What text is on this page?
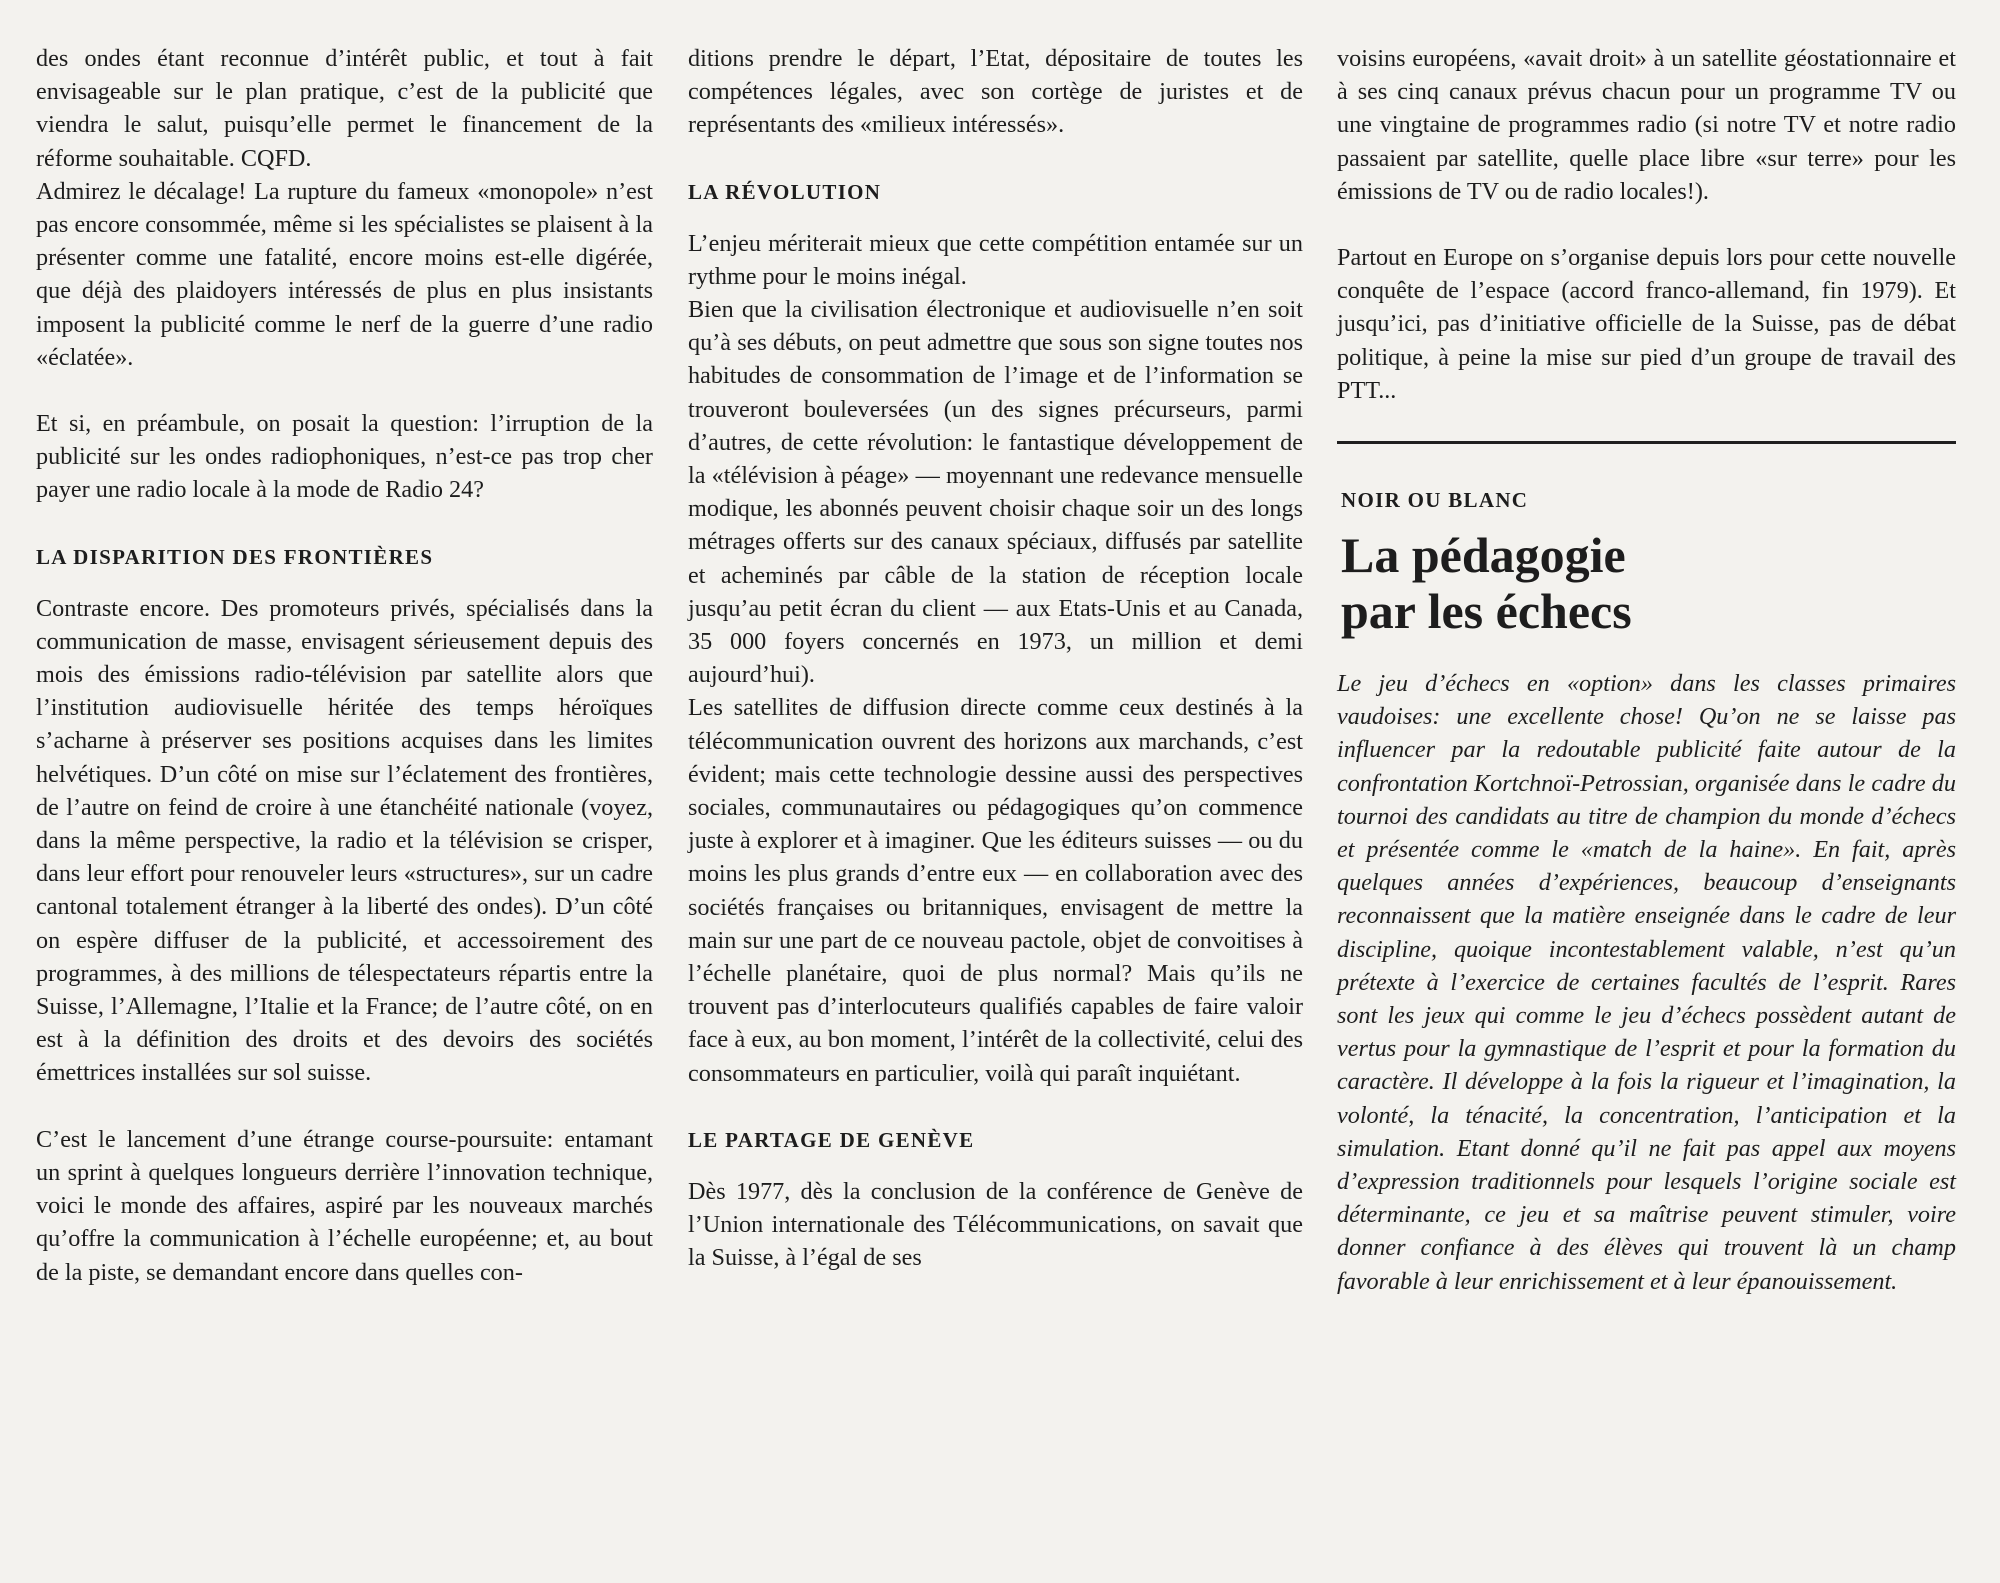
des ondes étant reconnue d’intérêt public, et tout à fait envisageable sur le plan pratique, c’est de la publicité que viendra le salut, puisqu’elle permet le financement de la réforme souhaitable. CQFD.

Admirez le décalage! La rupture du fameux «monopole» n’est pas encore consommée, même si les spécialistes se plaisent à la présenter comme une fatalité, encore moins est-elle digérée, que déjà des plaidoyers intéressés de plus en plus insistants imposent la publicité comme le nerf de la guerre d’une radio «éclatée».

Et si, en préambule, on posait la question: l’irruption de la publicité sur les ondes radiophoniques, n’est-ce pas trop cher payer une radio locale à la mode de Radio 24?

LA DISPARITION DES FRONTIÈRES

Contraste encore. Des promoteurs privés, spécialisés dans la communication de masse, envisagent sérieusement depuis des mois des émissions radio-télévision par satellite alors que l’institution audiovisuelle héritée des temps héroïques s’acharne à préserver ses positions acquises dans les limites helvétiques. D’un côté on mise sur l’éclatement des frontières, de l’autre on feind de croire à une étanchéité nationale (voyez, dans la même perspective, la radio et la télévision se crisper, dans leur effort pour renouveler leurs «structures», sur un cadre cantonal totalement étranger à la liberté des ondes). D’un côté on espère diffuser de la publicité, et accessoirement des programmes, à des millions de télespectateurs répartis entre la Suisse, l’Allemagne, l’Italie et la France; de l’autre côté, on en est à la définition des droits et des devoirs des sociétés émettrices installées sur sol suisse.

C’est le lancement d’une étrange course-poursuite: entamant un sprint à quelques longueurs derrière l’innovation technique, voici le monde des affaires, aspiré par les nouveaux marchés qu’offre la communication à l’échelle européenne; et, au bout de la piste, se demandant encore dans quelles con-

ditions prendre le départ, l’Etat, dépositaire de toutes les compétences légales, avec son cortège de juristes et de représentants des «milieux intéressés».

LA RÉVOLUTION

L’enjeu mériterait mieux que cette compétition entamée sur un rythme pour le moins inégal.

Bien que la civilisation électronique et audiovisuelle n’en soit qu’à ses débuts, on peut admettre que sous son signe toutes nos habitudes de consommation de l’image et de l’information se trouveront bouleversées (un des signes précurseurs, parmi d’autres, de cette révolution: le fantastique développement de la «télévision à péage» — moyennant une redevance mensuelle modique, les abonnés peuvent choisir chaque soir un des longs métrages offerts sur des canaux spéciaux, diffusés par satellite et acheminés par câble de la station de réception locale jusqu’au petit écran du client — aux Etats-Unis et au Canada, 35 000 foyers concernés en 1973, un million et demi aujourd’hui).

Les satellites de diffusion directe comme ceux destinés à la télécommunication ouvrent des horizons aux marchands, c’est évident; mais cette technologie dessine aussi des perspectives sociales, communautaires ou pédagogiques qu’on commence juste à explorer et à imaginer. Que les éditeurs suisses — ou du moins les plus grands d’entre eux — en collaboration avec des sociétés françaises ou britanniques, envisagent de mettre la main sur une part de ce nouveau pactole, objet de convoitises à l’échelle planétaire, quoi de plus normal? Mais qu’ils ne trouvent pas d’interlocuteurs qualifiés capables de faire valoir face à eux, au bon moment, l’intérêt de la collectivité, celui des consommateurs en particulier, voilà qui paraît inquiétant.

LE PARTAGE DE GENÈVE

Dès 1977, dès la conclusion de la conférence de Genève de l’Union internationale des Télécommunications, on savait que la Suisse, à l’égal de ses

voisins européens, «avait droit» à un satellite géostationnaire et à ses cinq canaux prévus chacun pour un programme TV ou une vingtaine de programmes radio (si notre TV et notre radio passaient par satellite, quelle place libre «sur terre» pour les émissions de TV ou de radio locales!).

Partout en Europe on s’organise depuis lors pour cette nouvelle conquête de l’espace (accord franco-allemand, fin 1979). Et jusqu’ici, pas d’initiative officielle de la Suisse, pas de débat politique, à peine la mise sur pied d’un groupe de travail des PTT...

NOIR OU BLANC
La pédagogie
par les échecs

Le jeu d’échecs en «option» dans les classes primaires vaudoises: une excellente chose! Qu’on ne se laisse pas influencer par la redoutable publicité faite autour de la confrontation Kortchnoï-Petrossian, organisée dans le cadre du tournoi des candidats au titre de champion du monde d’échecs et présentée comme le «match de la haine». En fait, après quelques années d’expériences, beaucoup d’enseignants reconnaissent que la matière enseignée dans le cadre de leur discipline, quoique incontestablement valable, n’est qu’un prétexte à l’exercice de certaines facultés de l’esprit. Rares sont les jeux qui comme le jeu d’échecs possèdent autant de vertus pour la gymnastique de l’esprit et pour la formation du caractère. Il développe à la fois la rigueur et l’imagination, la volonté, la ténacité, la concentration, l’anticipation et la simulation. Etant donné qu’il ne fait pas appel aux moyens d’expression traditionnels pour lesquels l’origine sociale est déterminante, ce jeu et sa maîtrise peuvent stimuler, voire donner confiance à des élèves qui trouvent là un champ favorable à leur enrichissement et à leur épanouissement.
